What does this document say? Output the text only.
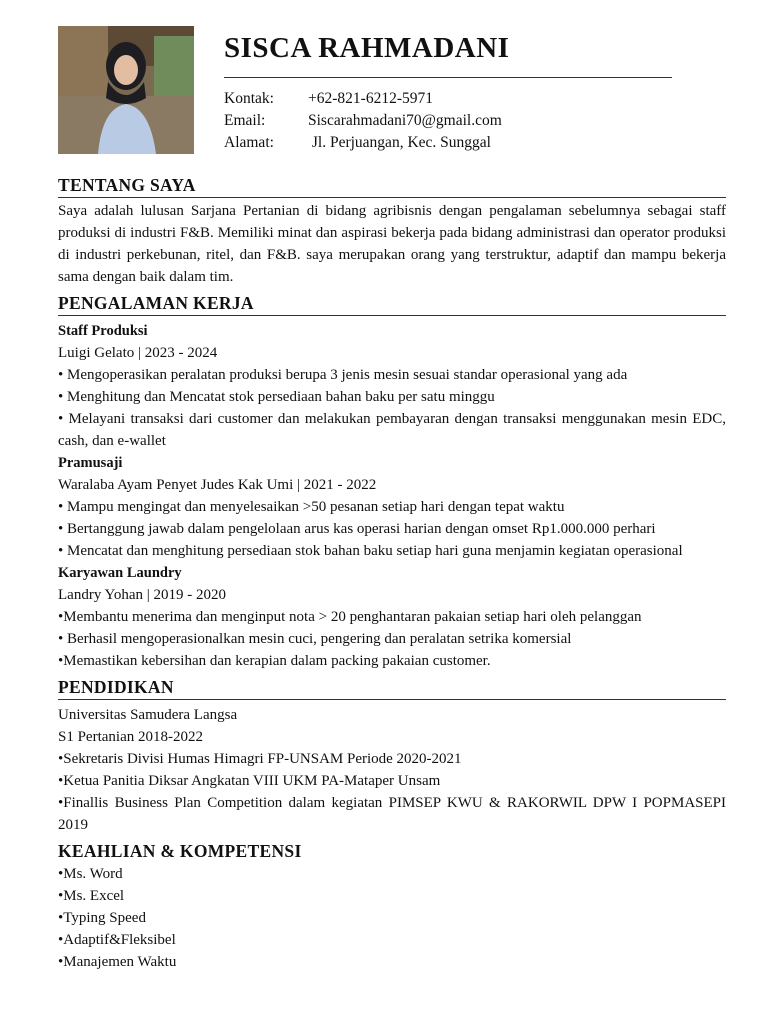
SISCA RAHMADANI
Kontak:	+62-821-6212-5971
Email:	Siscarahmadani70@gmail.com
Alamat:	Jl. Perjuangan, Kec. Sunggal
TENTANG SAYA

Saya adalah lulusan Sarjana Pertanian di bidang agribisnis dengan pengalaman sebelumnya sebagai staff produksi di industri F&B. Memiliki minat dan aspirasi bekerja pada bidang administrasi dan operator produksi di industri perkebunan, ritel, dan F&B. saya merupakan orang yang terstruktur, adaptif dan mampu bekerja sama dengan baik dalam tim.

PENGALAMAN KERJA

Staff Produksi

Luigi Gelato | 2023 - 2024

• Mengoperasikan peralatan produksi berupa 3 jenis mesin sesuai standar operasional yang ada

• Menghitung dan Mencatat stok persediaan bahan baku per satu minggu

• Melayani transaksi dari customer dan melakukan pembayaran dengan transaksi menggunakan mesin EDC, cash, dan e-wallet

Pramusaji

Waralaba Ayam Penyet Judes Kak Umi | 2021 - 2022

• Mampu mengingat dan menyelesaikan >50 pesanan setiap hari dengan tepat waktu

• Bertanggung jawab dalam pengelolaan arus kas operasi harian dengan omset Rp1.000.000 perhari

• Mencatat dan menghitung persediaan stok bahan baku setiap hari guna menjamin kegiatan operasional

Karyawan Laundry

Landry Yohan | 2019 - 2020

•Membantu menerima dan menginput nota > 20 penghantaran pakaian setiap hari oleh pelanggan

• Berhasil mengoperasionalkan mesin cuci, pengering dan peralatan setrika komersial

•Memastikan kebersihan dan kerapian dalam packing pakaian customer.

PENDIDIKAN

Universitas Samudera Langsa

S1 Pertanian 2018-2022

•Sekretaris Divisi Humas Himagri FP-UNSAM Periode 2020-2021

•Ketua Panitia Diksar Angkatan VIII UKM PA-Mataper Unsam

•Finallis Business Plan Competition dalam kegiatan PIMSEP KWU & RAKORWIL DPW I POPMASEPI 2019

KEAHLIAN & KOMPETENSI

•Ms. Word

•Ms. Excel

•Typing Speed

•Adaptif&Fleksibel

•Manajemen Waktu
